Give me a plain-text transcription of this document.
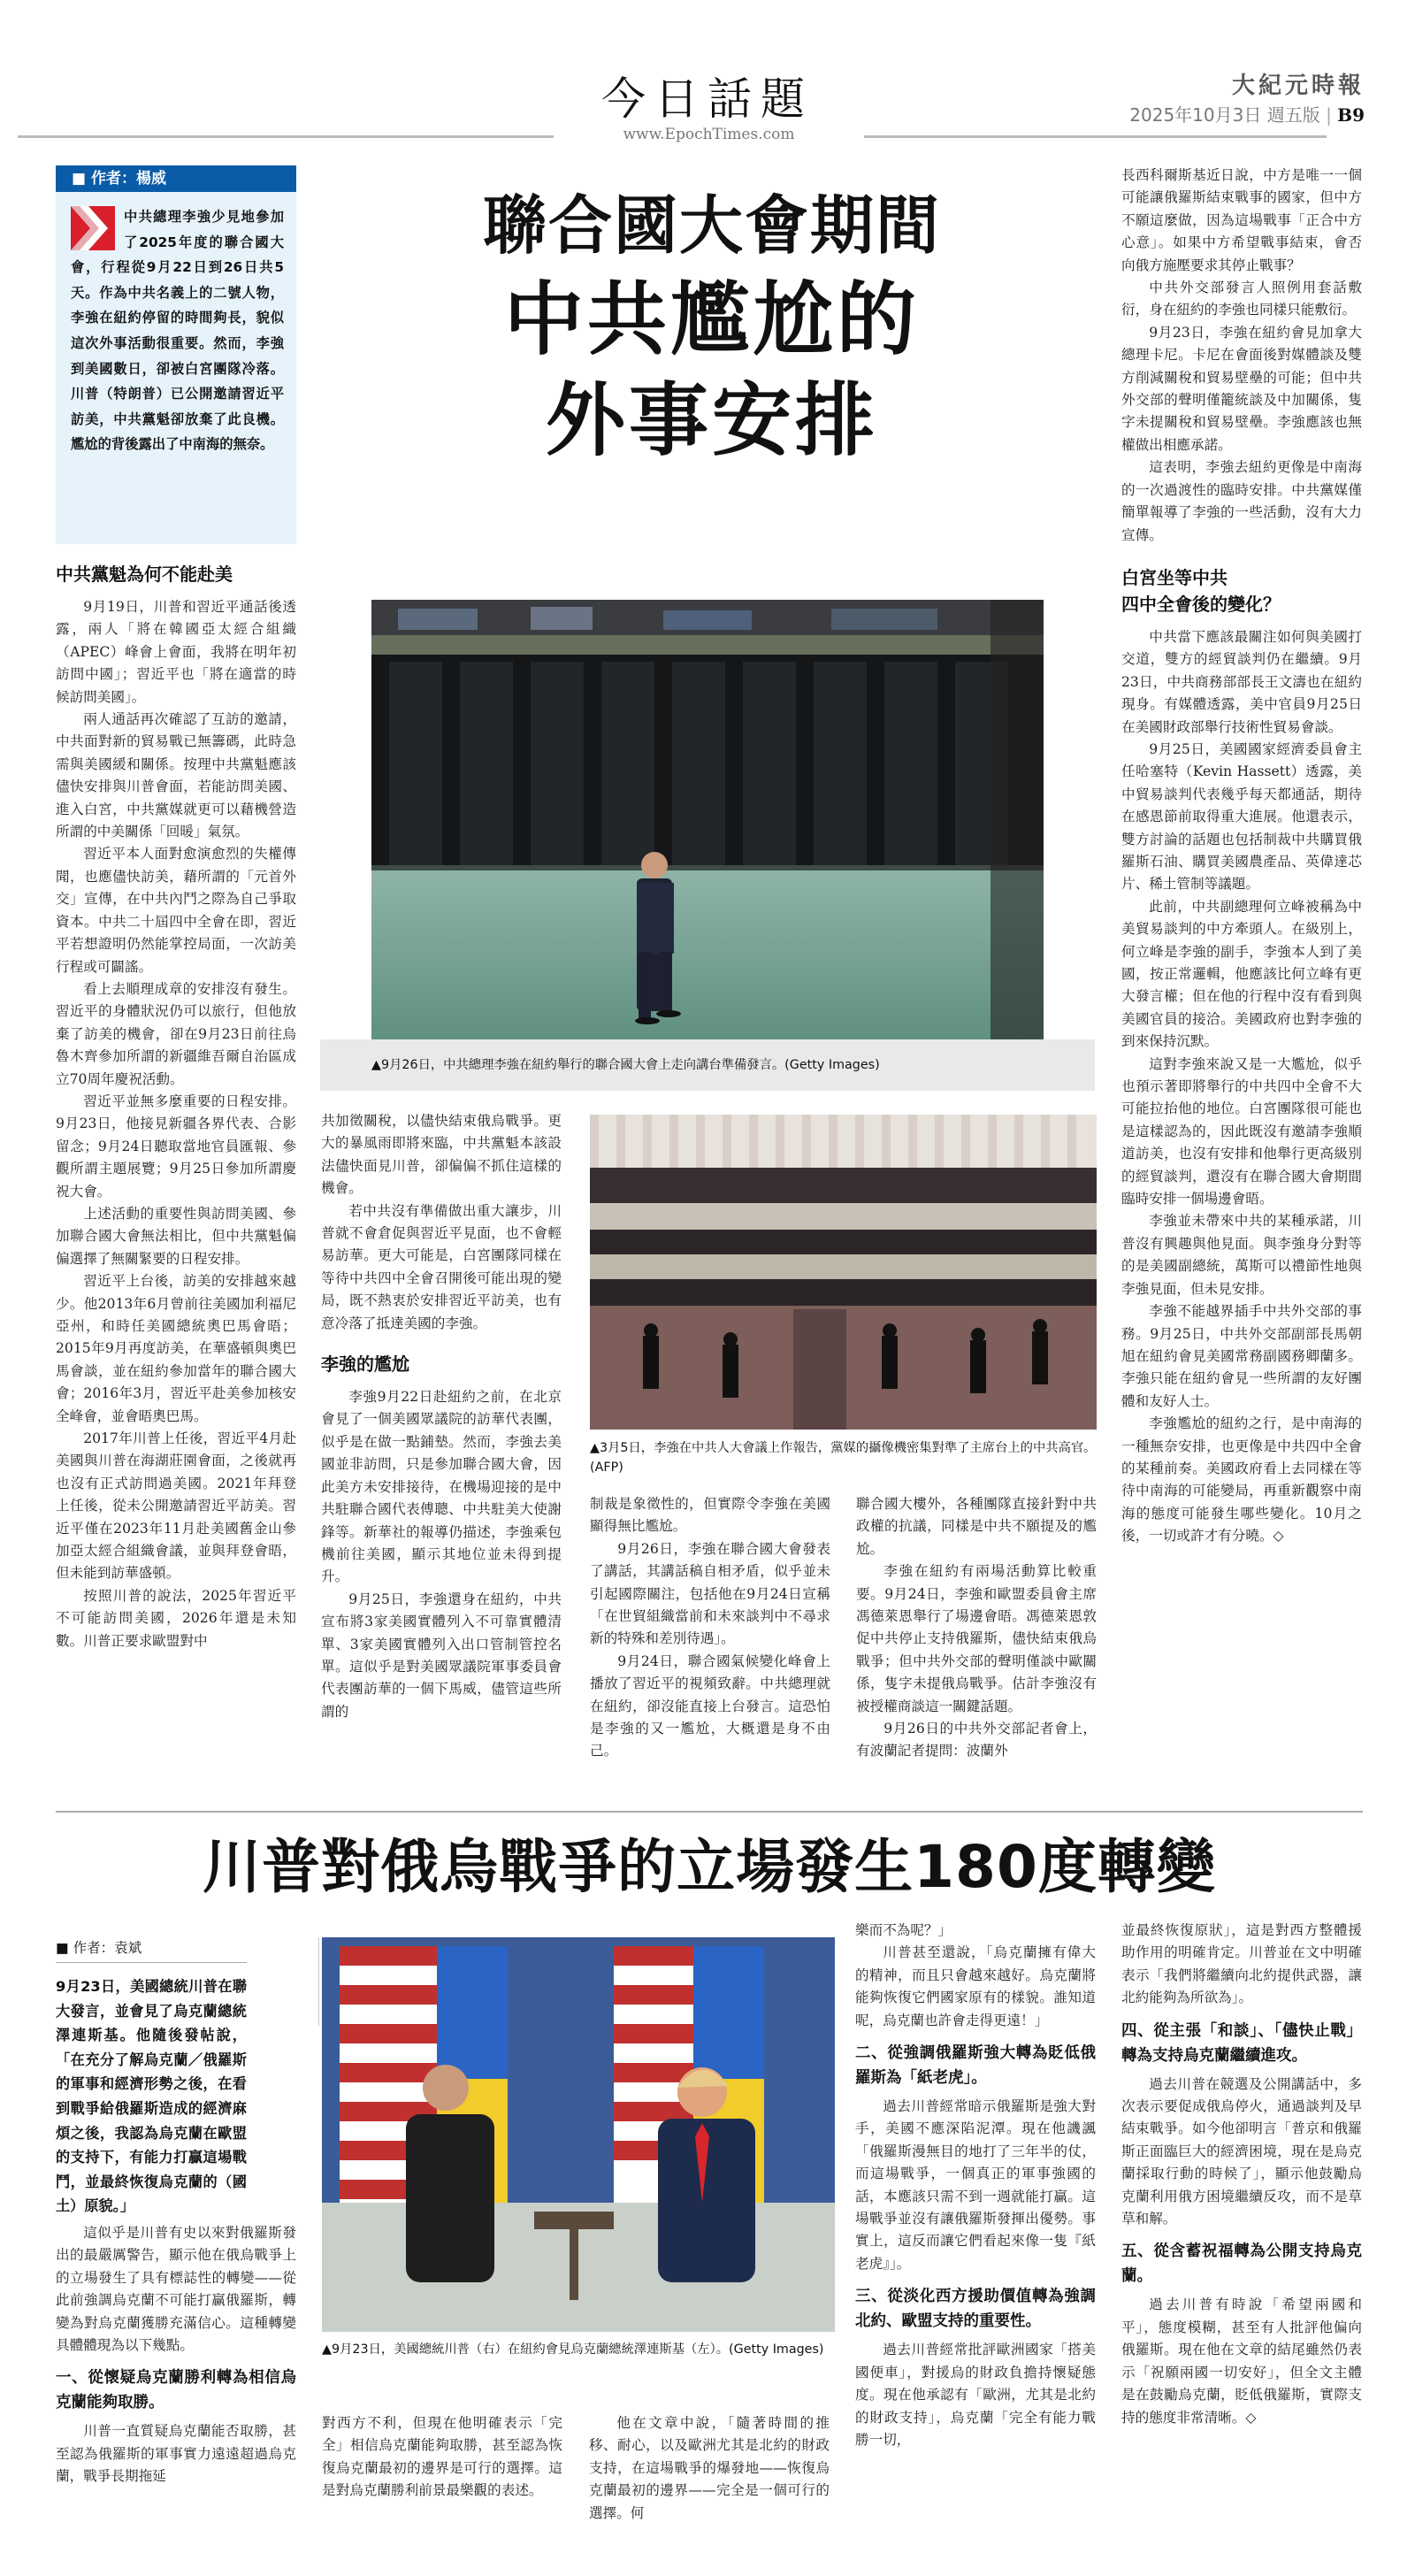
今日話題	大紀元時報
2025年10月3日 週五版 | B9
www.EpochTimes.com
■ 作者：楊威
中共總理李強少見地參加了2025年度的聯合國大會，行程從9月22日到26日共5天。作為中共名義上的二號人物，李強在紐約停留的時間夠長，貌似這次外事活動很重要。然而，李強到美國數日，卻被白宮團隊冷落。川普（特朗普）已公開邀請習近平訪美，中共黨魁卻放棄了此良機。尷尬的背後露出了中南海的無奈。
聯合國大會期間
中共尷尬的
外事安排
▲9月26日，中共總理李強在紐約舉行的聯合國大會上走向講台準備發言。(Getty Images)
中共黨魁為何不能赴美

9月19日，川普和習近平通話後透露，兩人「將在韓國亞太經合組織（APEC）峰會上會面，我將在明年初訪問中國」；習近平也「將在適當的時候訪問美國」。

兩人通話再次確認了互訪的邀請，中共面對新的貿易戰已無籌碼，此時急需與美國緩和關係。按理中共黨魁應該儘快安排與川普會面，若能訪問美國、進入白宮，中共黨媒就更可以藉機營造所謂的中美關係「回暖」氣氛。

習近平本人面對愈演愈烈的失權傳聞，也應儘快訪美，藉所謂的「元首外交」宣傳，在中共內鬥之際為自己爭取資本。中共二十屆四中全會在即，習近平若想證明仍然能掌控局面，一次訪美行程或可闢謠。

看上去順理成章的安排沒有發生。習近平的身體狀況仍可以旅行，但他放棄了訪美的機會，卻在9月23日前往烏魯木齊參加所謂的新疆維吾爾自治區成立70周年慶祝活動。

習近平並無多麼重要的日程安排。9月23日，他接見新疆各界代表、合影留念；9月24日聽取當地官員匯報、參觀所謂主題展覽；9月25日參加所謂慶祝大會。

上述活動的重要性與訪問美國、參加聯合國大會無法相比，但中共黨魁偏偏選擇了無關緊要的日程安排。

習近平上台後，訪美的安排越來越少。他2013年6月曾前往美國加利福尼亞州，和時任美國總統奧巴馬會晤；2015年9月再度訪美，在華盛頓與奧巴馬會談，並在紐約參加當年的聯合國大會；2016年3月，習近平赴美參加核安全峰會，並會晤奧巴馬。

2017年川普上任後，習近平4月赴美國與川普在海湖莊園會面，之後就再也沒有正式訪問過美國。2021年拜登上任後，從未公開邀請習近平訪美。習近平僅在2023年11月赴美國舊金山參加亞太經合組織會議，並與拜登會晤，但未能到訪華盛頓。

按照川普的說法，2025年習近平不可能訪問美國，2026年還是未知數。川普正要求歐盟對中

共加徵關稅，以儘快結束俄烏戰爭。更大的暴風雨即將來臨，中共黨魁本該設法儘快面見川普，卻偏偏不抓住這樣的機會。

若中共沒有準備做出重大讓步，川普就不會倉促與習近平見面，也不會輕易訪華。更大可能是，白宮團隊同樣在等待中共四中全會召開後可能出現的變局，既不熱衷於安排習近平訪美，也有意冷落了抵達美國的李強。

李強的尷尬

李強9月22日赴紐約之前，在北京會見了一個美國眾議院的訪華代表團，似乎是在做一點鋪墊。然而，李強去美國並非訪問，只是參加聯合國大會，因此美方未安排接待，在機場迎接的是中共駐聯合國代表傅聰、中共駐美大使謝鋒等。新華社的報導仍描述，李強乘包機前往美國，顯示其地位並未得到提升。

9月25日，李強還身在紐約，中共宣布將3家美國實體列入不可靠實體清單、3家美國實體列入出口管制管控名單。這似乎是對美國眾議院軍事委員會代表團訪華的一個下馬威，儘管這些所謂的

▲3月5日，李強在中共人大會議上作報告，黨媒的攝像機密集對準了主席台上的中共高官。(AFP)

制裁是象徵性的，但實際令李強在美國顯得無比尷尬。

9月26日，李強在聯合國大會發表了講話，其講話稿自相矛盾，似乎並未引起國際關注，包括他在9月24日宣稱「在世貿組織當前和未來談判中不尋求新的特殊和差別待遇」。

9月24日，聯合國氣候變化峰會上播放了習近平的視頻致辭。中共總理就在紐約，卻沒能直接上台發言。這恐怕是李強的又一尷尬，大概還是身不由己。

聯合國大樓外，各種團隊直接針對中共政權的抗議，同樣是中共不願提及的尷尬。

李強在紐約有兩場活動算比較重要。9月24日，李強和歐盟委員會主席馮德萊恩舉行了場邊會晤。馮德萊恩敦促中共停止支持俄羅斯，儘快結束俄烏戰爭；但中共外交部的聲明僅談中歐關係，隻字未提俄烏戰爭。估計李強沒有被授權商談這一關鍵話題。

9月26日的中共外交部記者會上，有波蘭記者提問：波蘭外

長西科爾斯基近日說，中方是唯一一個可能讓俄羅斯結束戰事的國家，但中方不願這麼做，因為這場戰事「正合中方心意」。如果中方希望戰事結束，會否向俄方施壓要求其停止戰事？

中共外交部發言人照例用套話敷衍，身在紐約的李強也同樣只能敷衍。

9月23日，李強在紐約會見加拿大總理卡尼。卡尼在會面後對媒體談及雙方削減關稅和貿易壁壘的可能；但中共外交部的聲明僅籠統談及中加關係，隻字未提關稅和貿易壁壘。李強應該也無權做出相應承諾。

這表明，李強去紐約更像是中南海的一次過渡性的臨時安排。中共黨媒僅簡單報導了李強的一些活動，沒有大力宣傳。

白宮坐等中共
四中全會後的變化？

中共當下應該最關注如何與美國打交道，雙方的經貿談判仍在繼續。9月23日，中共商務部部長王文濤也在紐約現身。有媒體透露，美中官員9月25日在美國財政部舉行技術性貿易會談。

9月25日，美國國家經濟委員會主任哈塞特（Kevin Hassett）透露，美中貿易談判代表幾乎每天都通話，期待在感恩節前取得重大進展。他還表示，雙方討論的話題也包括制裁中共購買俄羅斯石油、購買美國農產品、英偉達芯片、稀土管制等議題。

此前，中共副總理何立峰被稱為中美貿易談判的中方牽頭人。在級別上，何立峰是李強的副手，李強本人到了美國，按正常邏輯，他應該比何立峰有更大發言權；但在他的行程中沒有看到與美國官員的接洽。美國政府也對李強的到來保持沉默。

這對李強來說又是一大尷尬，似乎也預示著即將舉行的中共四中全會不大可能拉抬他的地位。白宮團隊很可能也是這樣認為的，因此既沒有邀請李強順道訪美，也沒有安排和他舉行更高級別的經貿談判，還沒有在聯合國大會期間臨時安排一個場邊會晤。

李強並未帶來中共的某種承諾，川普沒有興趣與他見面。與李強身分對等的是美國副總統，萬斯可以禮節性地與李強見面，但未見安排。

李強不能越界插手中共外交部的事務。9月25日，中共外交部副部長馬朝旭在紐約會見美國常務副國務卿蘭多。李強只能在紐約會見一些所謂的友好團體和友好人士。

李強尷尬的紐約之行，是中南海的一種無奈安排，也更像是中共四中全會的某種前奏。美國政府看上去同樣在等待中南海的可能變局，再重新觀察中南海的態度可能發生哪些變化。10月之後，一切或許才有分曉。◇

川普對俄烏戰爭的立場發生180度轉變
■ 作者：袁斌
9月23日，美國總統川普在聯大發言，並會見了烏克蘭總統澤連斯基。他隨後發帖說，「在充分了解烏克蘭／俄羅斯的軍事和經濟形勢之後，在看到戰爭給俄羅斯造成的經濟麻煩之後，我認為烏克蘭在歐盟的支持下，有能力打贏這場戰鬥，並最終恢復烏克蘭的（國土）原貌。」
▲9月23日，美國總統川普（右）在紐約會見烏克蘭總統澤連斯基（左）。(Getty Images)

這似乎是川普有史以來對俄羅斯發出的最嚴厲警告，顯示他在俄烏戰爭上的立場發生了具有標誌性的轉變——從此前強調烏克蘭不可能打贏俄羅斯，轉變為對烏克蘭獲勝充滿信心。這種轉變具體體現為以下幾點。

一、從懷疑烏克蘭勝利轉為相信烏克蘭能夠取勝。

川普一直質疑烏克蘭能否取勝，甚至認為俄羅斯的軍事實力遠遠超過烏克蘭，戰爭長期拖延

對西方不利，但現在他明確表示「完全」相信烏克蘭能夠取勝，甚至認為恢復烏克蘭最初的邊界是可行的選擇。這是對烏克蘭勝利前景最樂觀的表述。

他在文章中說，「隨著時間的推移、耐心，以及歐洲尤其是北約的財政支持，在這場戰爭的爆發地——恢復烏克蘭最初的邊界——完全是一個可行的選擇。何

樂而不為呢？」

川普甚至還說，「烏克蘭擁有偉大的精神，而且只會越來越好。烏克蘭將能夠恢復它們國家原有的樣貌。誰知道呢，烏克蘭也許會走得更遠！」

二、從強調俄羅斯強大轉為貶低俄羅斯為「紙老虎」。

過去川普經常暗示俄羅斯是強大對手，美國不應深陷泥潭。現在他譏諷「俄羅斯漫無目的地打了三年半的仗，而這場戰爭，一個真正的軍事強國的話，本應該只需不到一週就能打贏。這場戰爭並沒有讓俄羅斯發揮出優勢。事實上，這反而讓它們看起來像一隻『紙老虎』」。

三、從淡化西方援助價值轉為強調北約、歐盟支持的重要性。

過去川普經常批評歐洲國家「搭美國便車」，對援烏的財政負擔持懷疑態度。現在他承認有「歐洲，尤其是北約的財政支持」，烏克蘭「完全有能力戰勝一切，

並最終恢復原狀」，這是對西方整體援助作用的明確肯定。川普並在文中明確表示「我們將繼續向北約提供武器，讓北約能夠為所欲為」。

四、從主張「和談」、「儘快止戰」轉為支持烏克蘭繼續進攻。

過去川普在競選及公開講話中，多次表示要促成俄烏停火，通過談判及早結束戰爭。如今他卻明言「普京和俄羅斯正面臨巨大的經濟困境，現在是烏克蘭採取行動的時候了」，顯示他鼓勵烏克蘭利用俄方困境繼續反攻，而不是草草和解。

五、從含蓄祝福轉為公開支持烏克蘭。

過去川普有時說「希望兩國和平」，態度模糊，甚至有人批評他偏向俄羅斯。現在他在文章的結尾雖然仍表示「祝願兩國一切安好」，但全文主體是在鼓勵烏克蘭，貶低俄羅斯，實際支持的態度非常清晰。◇
